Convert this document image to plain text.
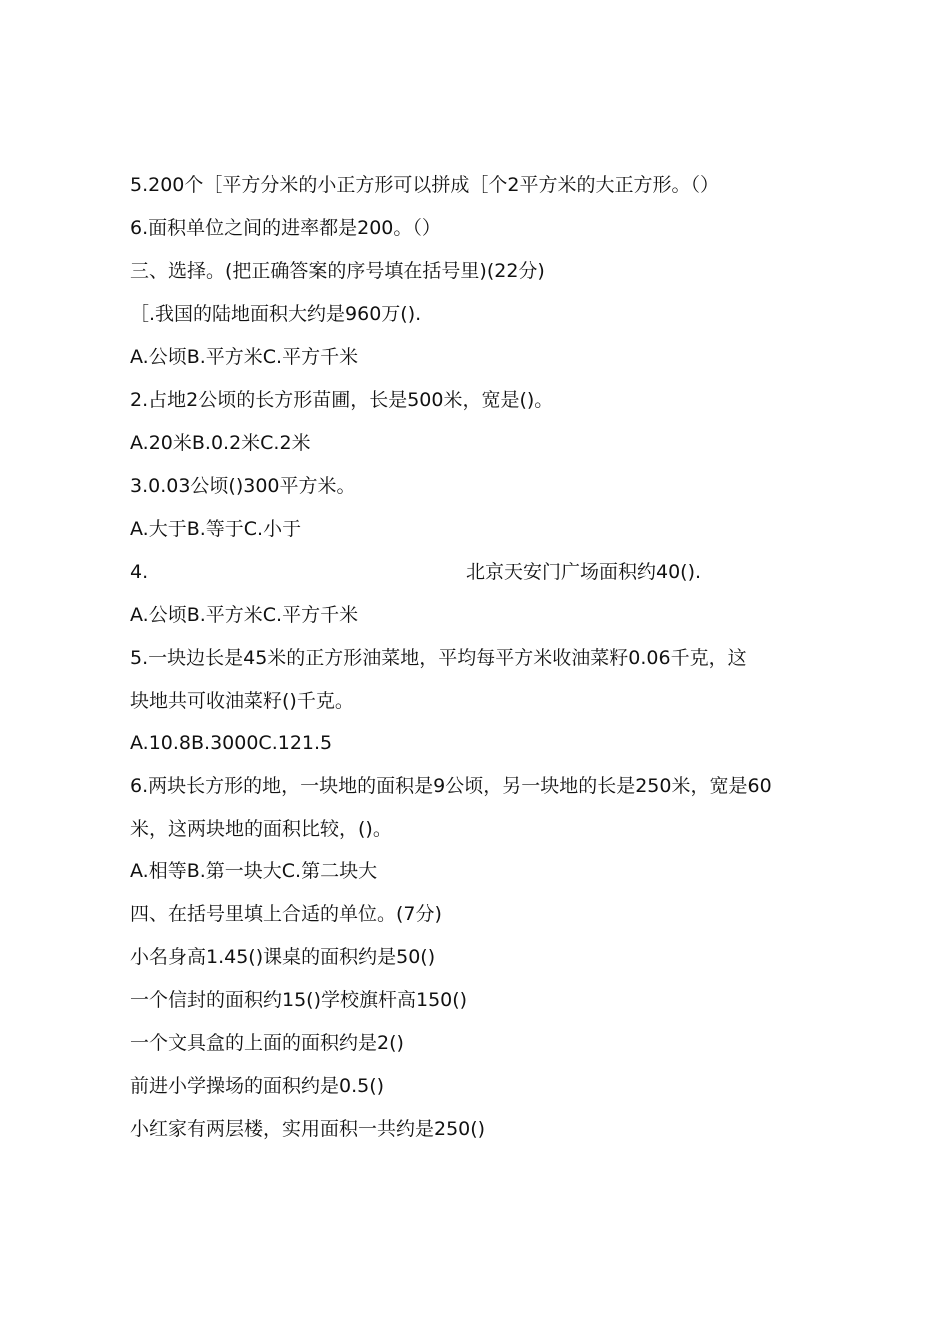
5.200个［平方分米的小正方形可以拼成［个2平方米的大正方形。（）
6.面积单位之间的进率都是200。（）
三、选择。(把正确答案的序号填在括号里)(22分)
［.我国的陆地面积大约是960万().
A.公顷B.平方米C.平方千米
2.占地2公顷的长方形苗圃，长是500米，宽是()。
A.20米B.0.2米C.2米
3.0.03公顷()300平方米。
A.大于B.等于C.小于
4.	北京天安门广场面积约40().
A.公顷B.平方米C.平方千米
5.一块边长是45米的正方形油菜地，平均每平方米收油菜籽0.06千克，这
块地共可收油菜籽()千克。
A.10.8B.3000C.121.5
6.两块长方形的地，一块地的面积是9公顷，另一块地的长是250米，宽是60
米，这两块地的面积比较，()。
A.相等B.第一块大C.第二块大
四、在括号里填上合适的单位。(7分)
小名身高1.45()课桌的面积约是50()
一个信封的面积约15()学校旗杆高150()
一个文具盒的上面的面积约是2()
前进小学操场的面积约是0.5()
小红家有两层楼，实用面积一共约是250()
